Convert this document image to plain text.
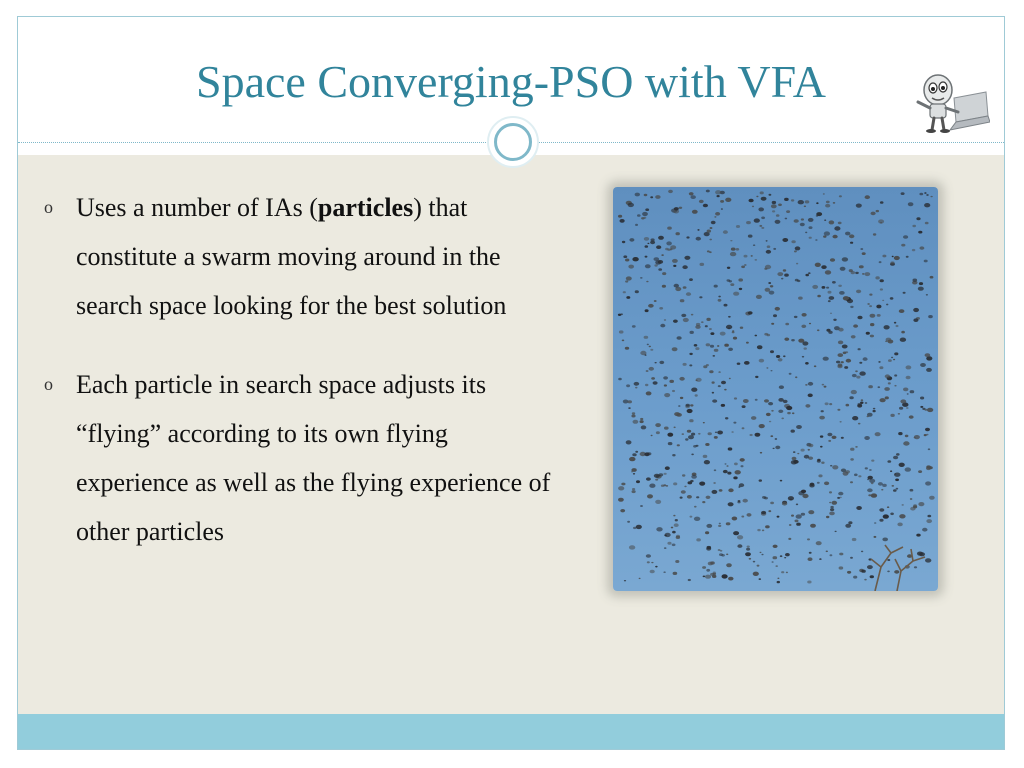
Space Converging-PSO with VFA
o Uses a number of IAs (particles) that constitute a swarm moving around in the search space looking for the best solution
o Each particle in search space adjusts its “flying” according to its own flying experience as well as the flying experience of other particles
